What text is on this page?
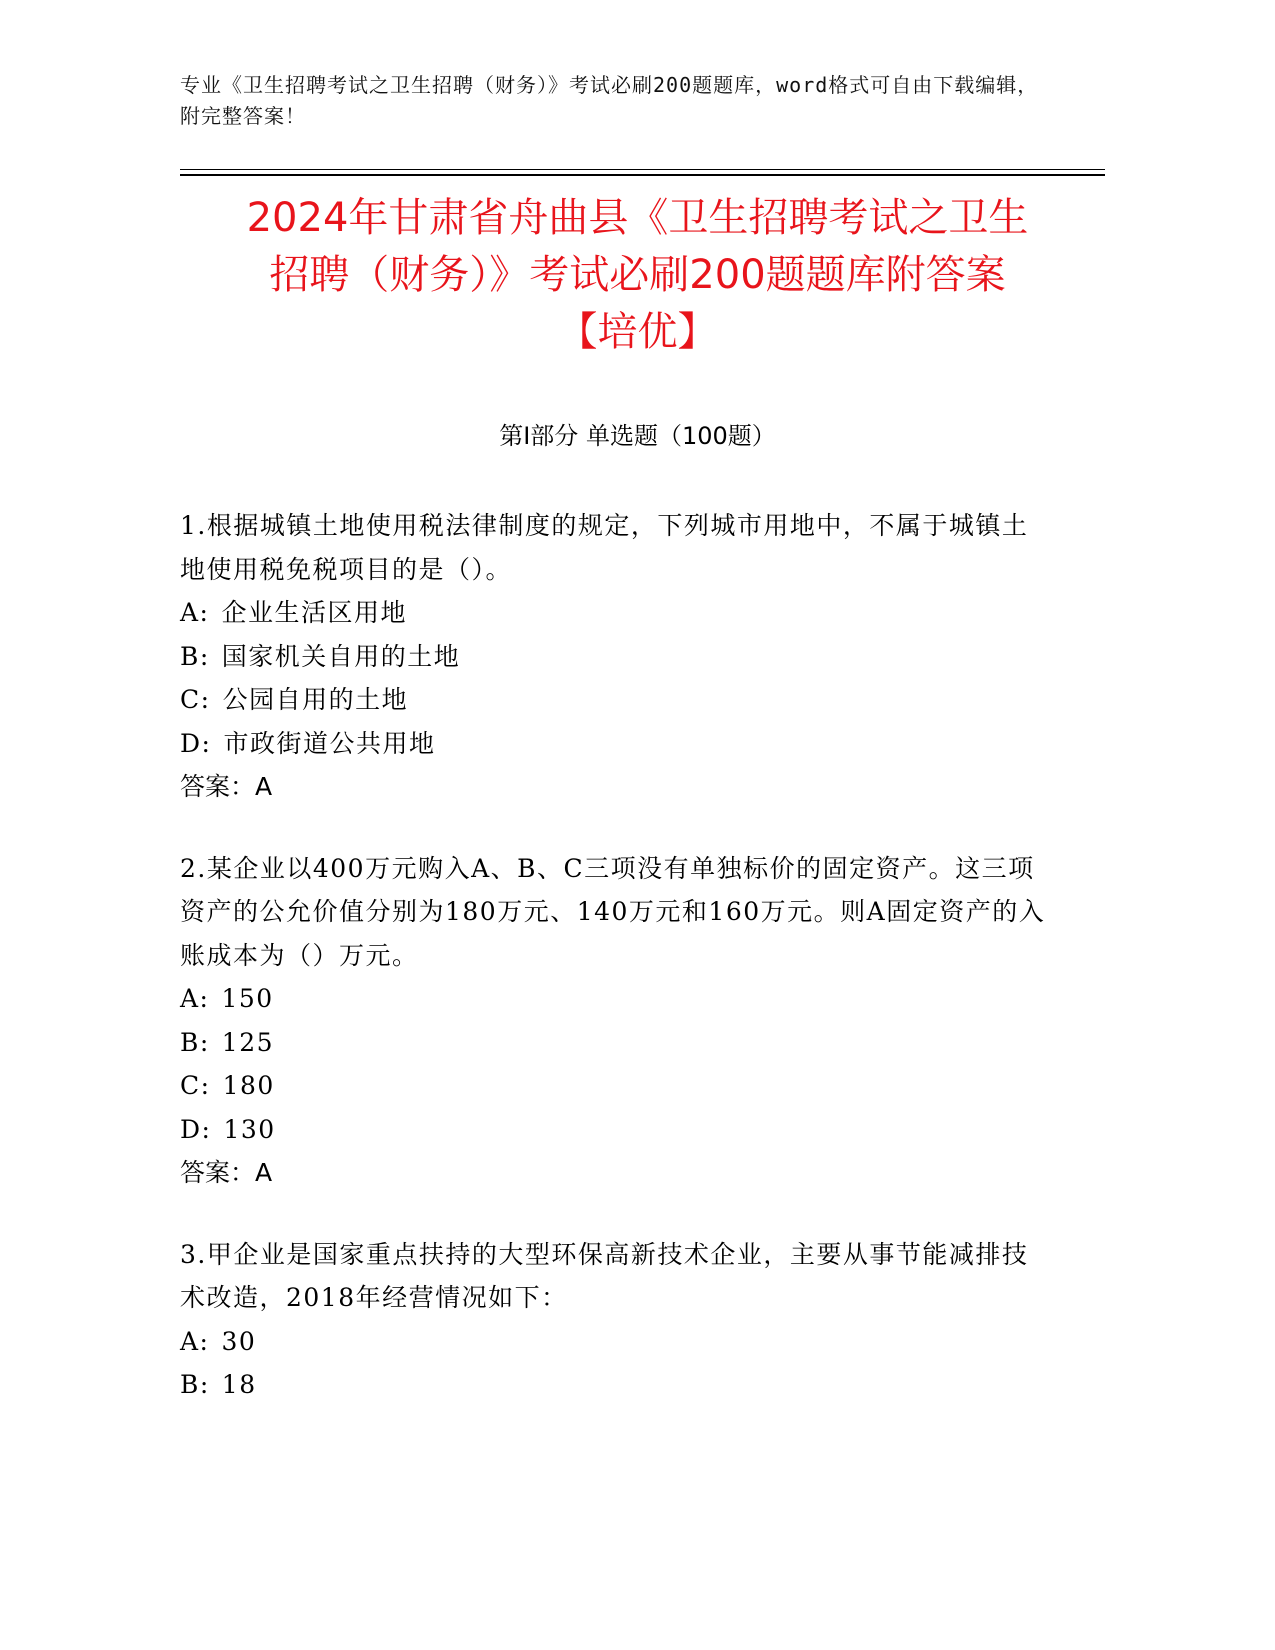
专业《卫生招聘考试之卫生招聘（财务）》考试必刷200题题库，word格式可自由下载编辑，附完整答案！
2024年甘肃省舟曲县《卫生招聘考试之卫生
招聘（财务）》考试必刷200题题库附答案
【培优】
第Ⅰ部分 单选题（100题）

1.根据城镇土地使用税法律制度的规定，下列城市用地中，不属于城镇土地使用税免税项目的是（）。

A: 企业生活区用地
B: 国家机关自用的土地
C: 公园自用的土地
D: 市政街道公共用地
答案：A

2.某企业以400万元购入A、B、C三项没有单独标价的固定资产。这三项资产的公允价值分别为180万元、140万元和160万元。则A固定资产的入账成本为（）万元。

A: 150
B: 125
C: 180
D: 130
答案：A

3.甲企业是国家重点扶持的大型环保高新技术企业，主要从事节能减排技术改造，2018年经营情况如下：

A: 30
B: 18
